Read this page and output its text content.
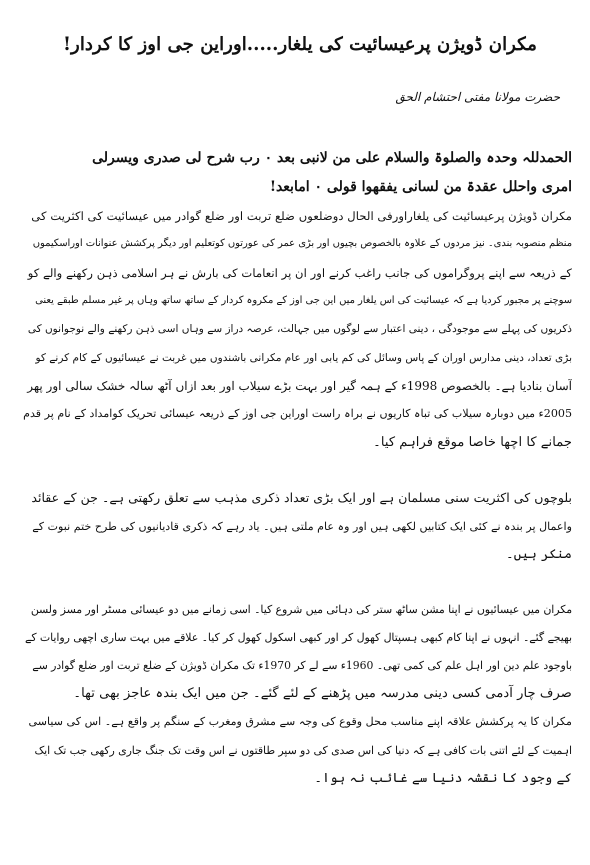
مکران ڈویژن پرعیسائیت کی یلغار.....اوراین جی اوز کا کردار!
حضرت مولانا مفتی احتشام الحق
الحمدللہ وحدہ والصلوۃ والسلام علی من لانبی بعد ۰ رب شرح لی صدری ویسرلی
امری واحلل عقدۃ من لسانی یفقھوا قولی ۰ امابعد!
مکران ڈویژن پرعیسائیت کی یلغاراورفی الحال دوضلعوں ضلع تربت اور ضلع گوادر میں عیسائیت کی اکثریت کی
منظم منصوبہ بندی۔ نیز مردوں کے علاوہ بالخصوص بچیوں اور بڑی عمر کی عورتوں کوتعلیم اور دیگر پرکشش عنوانات اوراسکیموں
کے ذریعہ سے اپنے پروگراموں کی جانب راغب کرنے اور ان پر انعامات کی بارش نے ہر اسلامی ذہن رکھنے والے کو
سوچنے پر مجبور کردیا ہے کہ عیسائیت کی اس یلغار میں این جی اوز کے مکروہ کردار کے ساتھ ساتھ وہاں پر غیر مسلم طبقے یعنی
ذکریوں کی پہلے سے موجودگی ، دینی اعتبار سے لوگوں میں جہالت، عرصہ دراز سے وہاں اسی ذہن رکھنے والے نوجوانوں کی
بڑی تعداد، دینی مدارس اوران کے پاس وسائل کی کم یابی اور عام مکرانی باشندوں میں غربت نے عیسائیوں کے کام کرنے کو
آسان بنادیا ہے۔ بالخصوص 1998ء کے ہمہ گیر اور بہت بڑے سیلاب اور بعد ازاں آٹھ سالہ خشک سالی اور پھر
2005ء میں دوبارہ سیلاب کی تباہ کاریوں نے براہ راست اوراین جی اوز کے ذریعہ عیسائی تحریک کوامداد کے نام پر قدم
جمانے کا اچھا خاصا موقع فراہم کیا۔
بلوچوں کی اکثریت سنی مسلمان ہے اور ایک بڑی تعداد ذکری مذہب سے تعلق رکھتی ہے۔ جن کے عقائد
واعمال پر بندہ نے کئی ایک کتابیں لکھی ہیں اور وہ عام ملتی ہیں۔ یاد رہے کہ ذکری قادیانیوں کی طرح ختم نبوت کے
منکر ہیں۔
مکران میں عیسائیوں نے اپنا مشن ساٹھ ستر کی دہائی میں شروع کیا۔ اسی زمانے میں دو عیسائی مسٹر اور مسز ولسن
بھیجے گئے۔ انہوں نے اپنا کام کبھی ہسپتال کھول کر اور کبھی اسکول کھول کر کیا۔ علاقے میں بہت ساری اچھی روایات کے
باوجود علم دین اور اہل علم کی کمی تھی۔ 1960ء سے لے کر 1970ء تک مکران ڈویژن کے ضلع تربت اور ضلع گوادر سے
صرف چار آدمی کسی دینی مدرسہ میں پڑھنے کے لئے گئے۔ جن میں ایک بندہ عاجز بھی تھا۔
مکران کا یہ پرکشش علاقہ اپنے مناسب محل وقوع کی وجہ سے مشرق ومغرب کے سنگم پر واقع ہے۔ اس کی سیاسی
اہمیت کے لئے اتنی بات کافی ہے کہ دنیا کی اس صدی کی دو سپر طاقتوں نے اس وقت تک جنگ جاری رکھی جب تک ایک
کے وجود کا نقشہ دنیا سے غائب نہ ہوا۔
